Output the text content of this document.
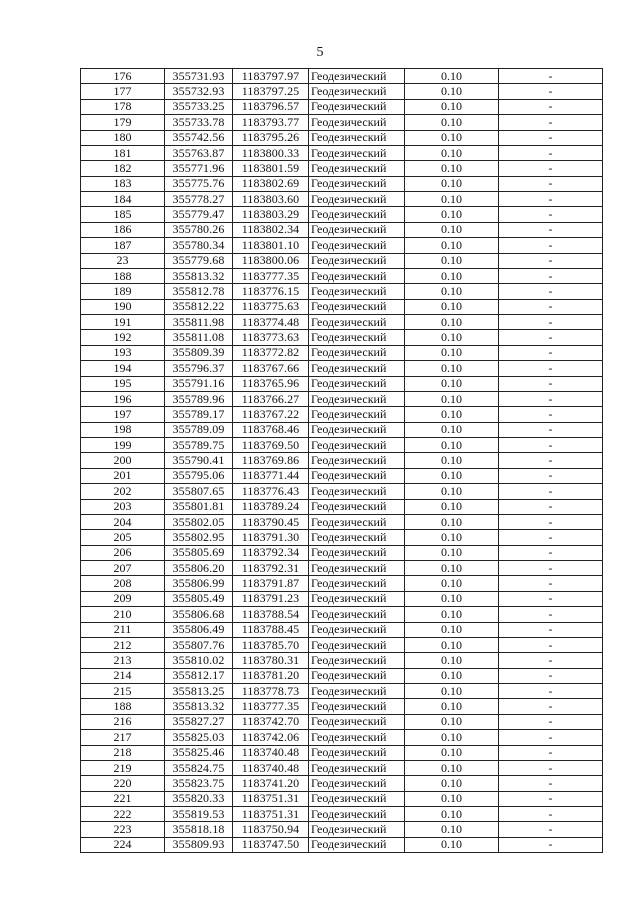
5
176	355731.93	1183797.97	Геодезический	0.10	-
177	355732.93	1183797.25	Геодезический	0.10	-
178	355733.25	1183796.57	Геодезический	0.10	-
179	355733.78	1183793.77	Геодезический	0.10	-
180	355742.56	1183795.26	Геодезический	0.10	-
181	355763.87	1183800.33	Геодезический	0.10	-
182	355771.96	1183801.59	Геодезический	0.10	-
183	355775.76	1183802.69	Геодезический	0.10	-
184	355778.27	1183803.60	Геодезический	0.10	-
185	355779.47	1183803.29	Геодезический	0.10	-
186	355780.26	1183802.34	Геодезический	0.10	-
187	355780.34	1183801.10	Геодезический	0.10	-
23	355779.68	1183800.06	Геодезический	0.10	-
188	355813.32	1183777.35	Геодезический	0.10	-
189	355812.78	1183776.15	Геодезический	0.10	-
190	355812.22	1183775.63	Геодезический	0.10	-
191	355811.98	1183774.48	Геодезический	0.10	-
192	355811.08	1183773.63	Геодезический	0.10	-
193	355809.39	1183772.82	Геодезический	0.10	-
194	355796.37	1183767.66	Геодезический	0.10	-
195	355791.16	1183765.96	Геодезический	0.10	-
196	355789.96	1183766.27	Геодезический	0.10	-
197	355789.17	1183767.22	Геодезический	0.10	-
198	355789.09	1183768.46	Геодезический	0.10	-
199	355789.75	1183769.50	Геодезический	0.10	-
200	355790.41	1183769.86	Геодезический	0.10	-
201	355795.06	1183771.44	Геодезический	0.10	-
202	355807.65	1183776.43	Геодезический	0.10	-
203	355801.81	1183789.24	Геодезический	0.10	-
204	355802.05	1183790.45	Геодезический	0.10	-
205	355802.95	1183791.30	Геодезический	0.10	-
206	355805.69	1183792.34	Геодезический	0.10	-
207	355806.20	1183792.31	Геодезический	0.10	-
208	355806.99	1183791.87	Геодезический	0.10	-
209	355805.49	1183791.23	Геодезический	0.10	-
210	355806.68	1183788.54	Геодезический	0.10	-
211	355806.49	1183788.45	Геодезический	0.10	-
212	355807.76	1183785.70	Геодезический	0.10	-
213	355810.02	1183780.31	Геодезический	0.10	-
214	355812.17	1183781.20	Геодезический	0.10	-
215	355813.25	1183778.73	Геодезический	0.10	-
188	355813.32	1183777.35	Геодезический	0.10	-
216	355827.27	1183742.70	Геодезический	0.10	-
217	355825.03	1183742.06	Геодезический	0.10	-
218	355825.46	1183740.48	Геодезический	0.10	-
219	355824.75	1183740.48	Геодезический	0.10	-
220	355823.75	1183741.20	Геодезический	0.10	-
221	355820.33	1183751.31	Геодезический	0.10	-
222	355819.53	1183751.31	Геодезический	0.10	-
223	355818.18	1183750.94	Геодезический	0.10	-
224	355809.93	1183747.50	Геодезический	0.10	-
